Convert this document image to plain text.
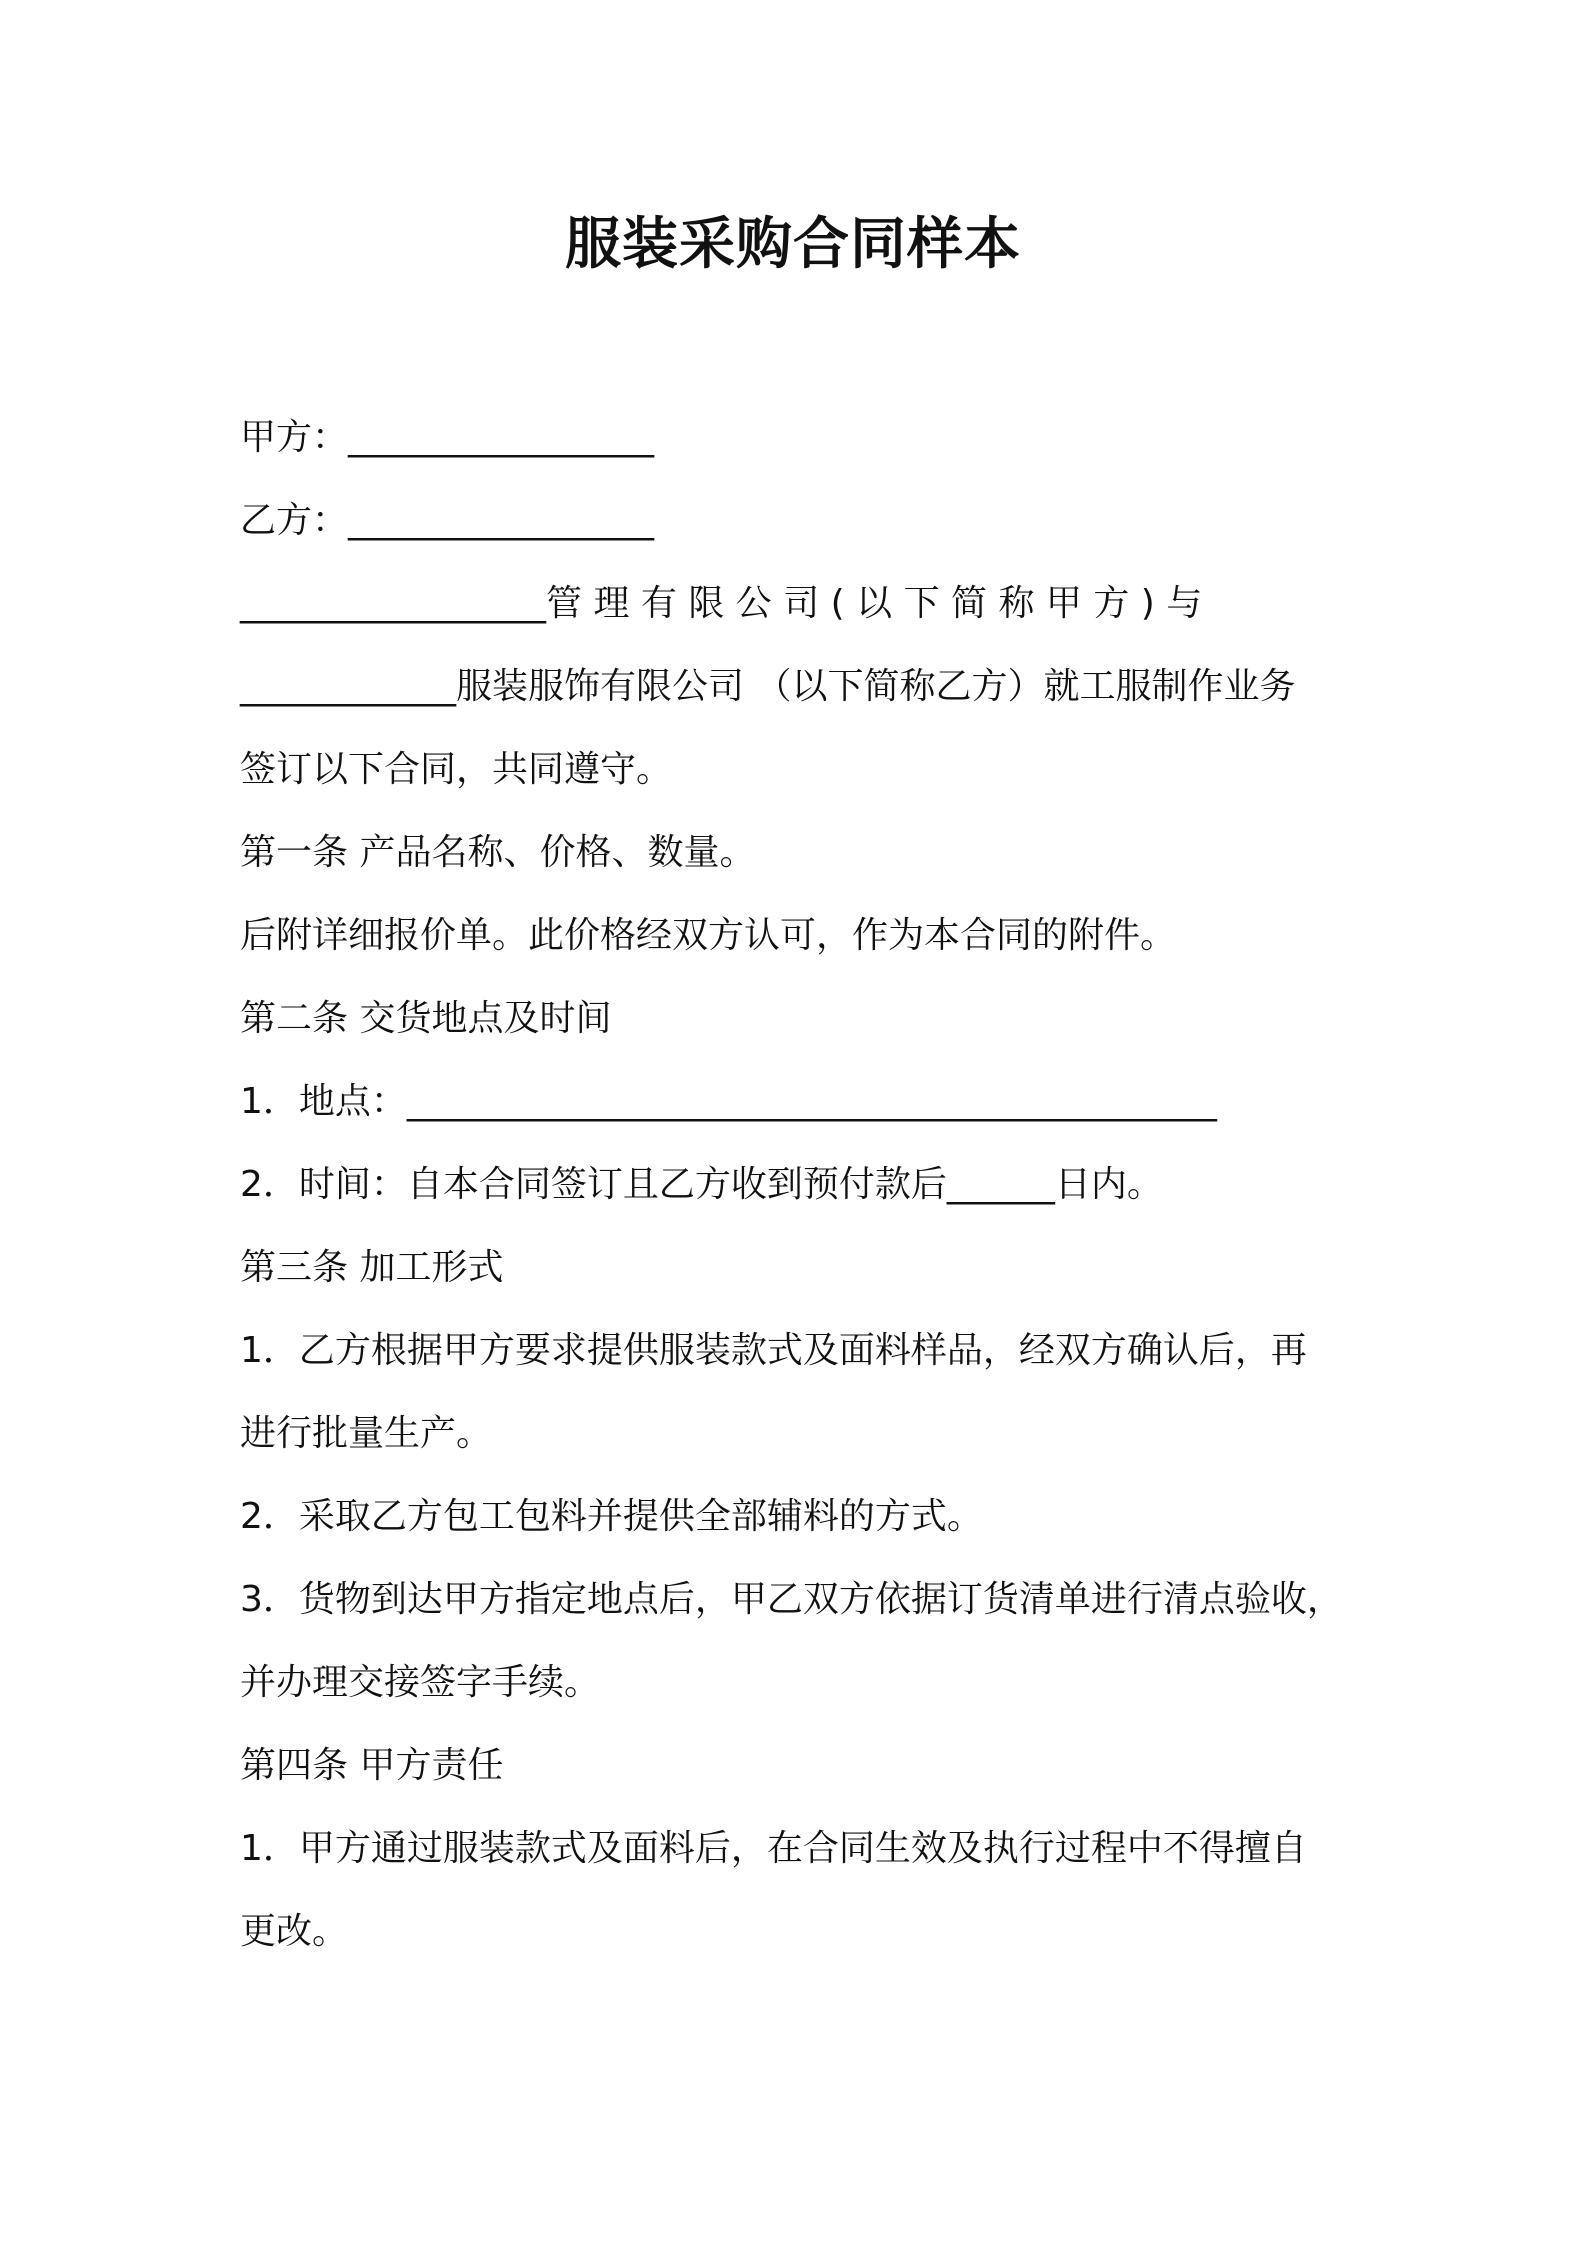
服装采购合同样本
甲方：_________________
乙方：_________________
_________________管 理 有 限 公 司 ( 以 下 简 称 甲 方 ) 与
____________服装服饰有限公司 （以下简称乙方）就工服制作业务
签订以下合同，共同遵守。
第一条 产品名称、价格、数量。
后附详细报价单。此价格经双方认可，作为本合同的附件。
第二条 交货地点及时间
1．地点：_____________________________________________
2．时间：自本合同签订且乙方收到预付款后______日内。
第三条 加工形式
1．乙方根据甲方要求提供服装款式及面料样品，经双方确认后，再
进行批量生产。
2．采取乙方包工包料并提供全部辅料的方式。
3．货物到达甲方指定地点后，甲乙双方依据订货清单进行清点验收，
并办理交接签字手续。
第四条 甲方责任
1．甲方通过服装款式及面料后，在合同生效及执行过程中不得擅自
更改。
